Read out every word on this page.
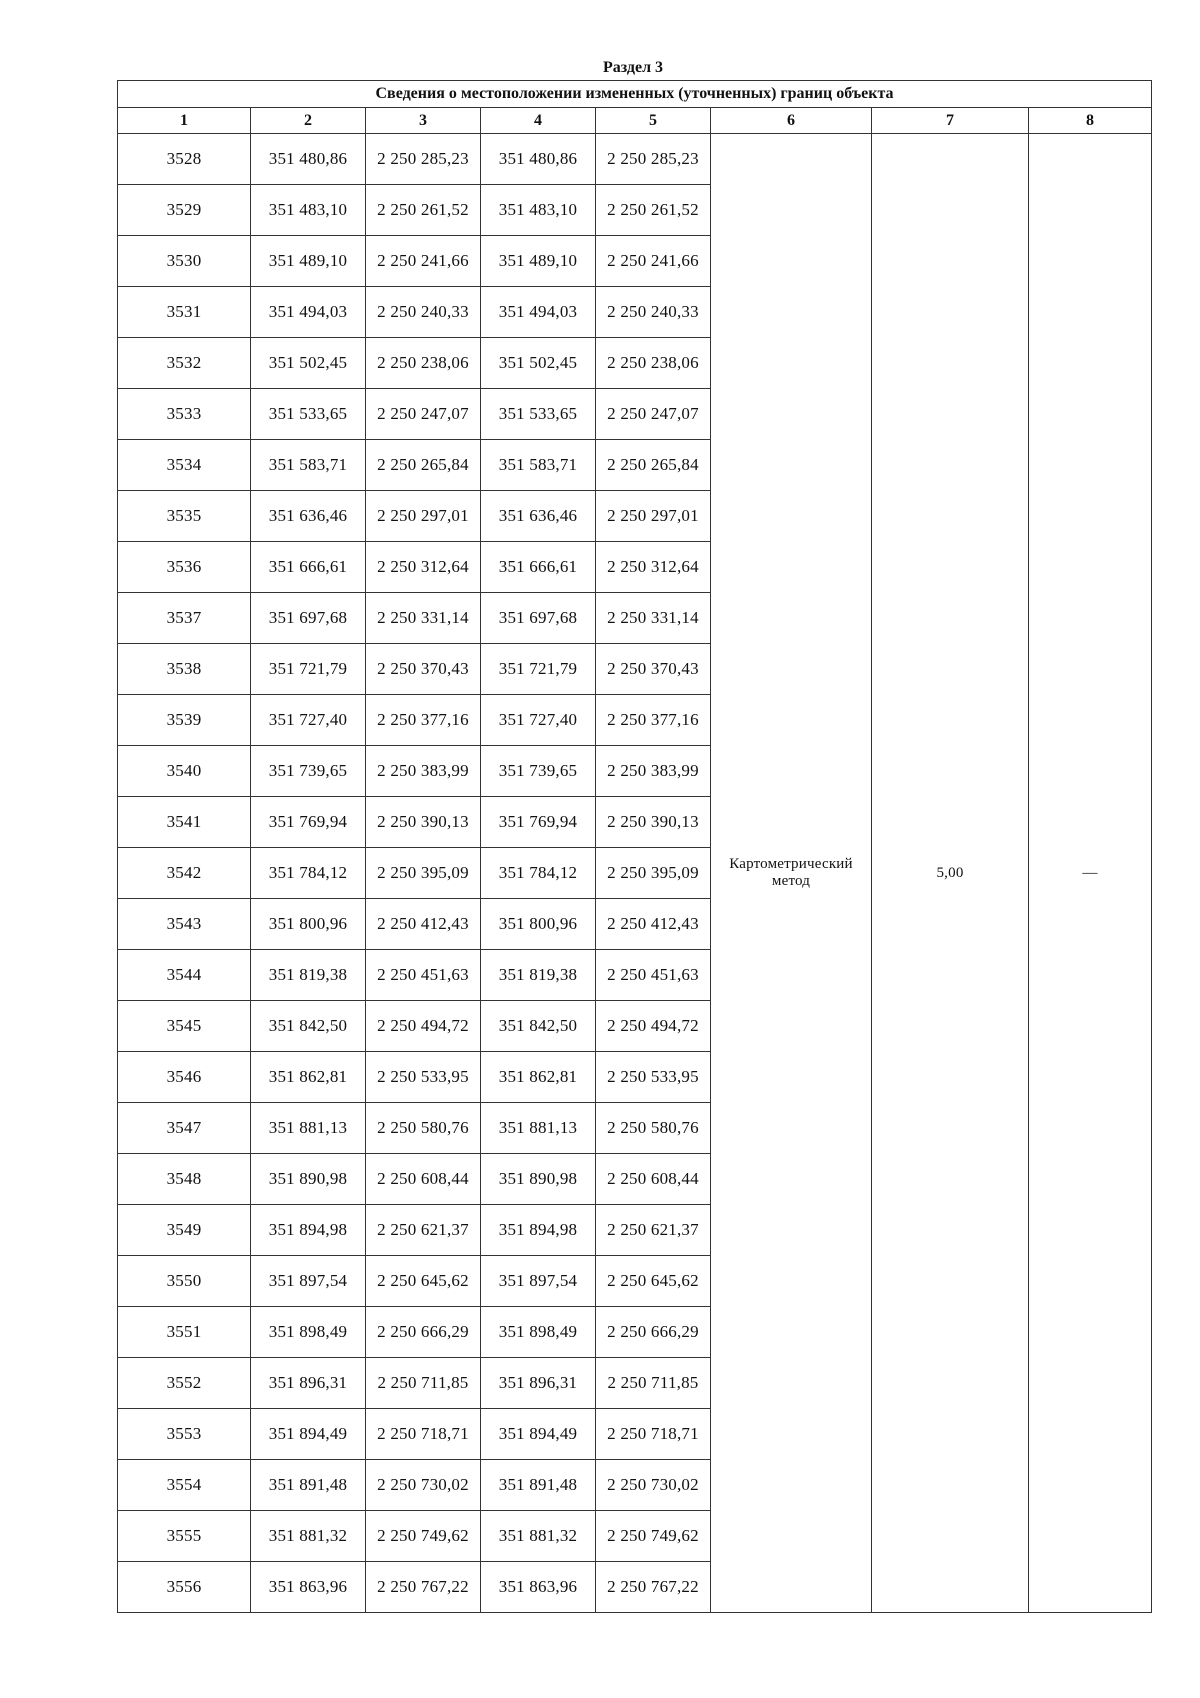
Раздел 3
Сведения о местоположении измененных (уточненных) границ объекта							
1	2	3	4	5	6	7	8
3528	351 480,86	2 250 285,23	351 480,86	2 250 285,23	Картометрический
метод	5,00	—
3529	351 483,10	2 250 261,52	351 483,10	2 250 261,52			
3530	351 489,10	2 250 241,66	351 489,10	2 250 241,66			
3531	351 494,03	2 250 240,33	351 494,03	2 250 240,33			
3532	351 502,45	2 250 238,06	351 502,45	2 250 238,06			
3533	351 533,65	2 250 247,07	351 533,65	2 250 247,07			
3534	351 583,71	2 250 265,84	351 583,71	2 250 265,84			
3535	351 636,46	2 250 297,01	351 636,46	2 250 297,01			
3536	351 666,61	2 250 312,64	351 666,61	2 250 312,64			
3537	351 697,68	2 250 331,14	351 697,68	2 250 331,14			
3538	351 721,79	2 250 370,43	351 721,79	2 250 370,43			
3539	351 727,40	2 250 377,16	351 727,40	2 250 377,16			
3540	351 739,65	2 250 383,99	351 739,65	2 250 383,99			
3541	351 769,94	2 250 390,13	351 769,94	2 250 390,13			
3542	351 784,12	2 250 395,09	351 784,12	2 250 395,09			
3543	351 800,96	2 250 412,43	351 800,96	2 250 412,43			
3544	351 819,38	2 250 451,63	351 819,38	2 250 451,63			
3545	351 842,50	2 250 494,72	351 842,50	2 250 494,72			
3546	351 862,81	2 250 533,95	351 862,81	2 250 533,95			
3547	351 881,13	2 250 580,76	351 881,13	2 250 580,76			
3548	351 890,98	2 250 608,44	351 890,98	2 250 608,44			
3549	351 894,98	2 250 621,37	351 894,98	2 250 621,37			
3550	351 897,54	2 250 645,62	351 897,54	2 250 645,62			
3551	351 898,49	2 250 666,29	351 898,49	2 250 666,29			
3552	351 896,31	2 250 711,85	351 896,31	2 250 711,85			
3553	351 894,49	2 250 718,71	351 894,49	2 250 718,71			
3554	351 891,48	2 250 730,02	351 891,48	2 250 730,02			
3555	351 881,32	2 250 749,62	351 881,32	2 250 749,62			
3556	351 863,96	2 250 767,22	351 863,96	2 250 767,22			
